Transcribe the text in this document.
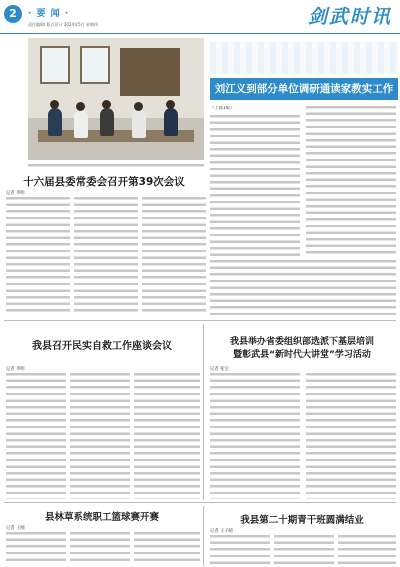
2	· 要 闻 ·
责任编辑/ 版式设计 2024年5月 星期四	剑武时讯
刘江义到部分单位调研通读家教实工作
（上接1版）
十六届县委常委会召开第39次会议
记者 李明
我县召开民实自救工作座谈会议
记者 李明
我县举办省委组织部选派下基层培训
暨彰武县“新时代大讲堂”学习活动
记者 张宝
县林草系统职工篮球赛开赛
记者 王刚
我县第二十期青干班圆满结业
记者 王子晴
